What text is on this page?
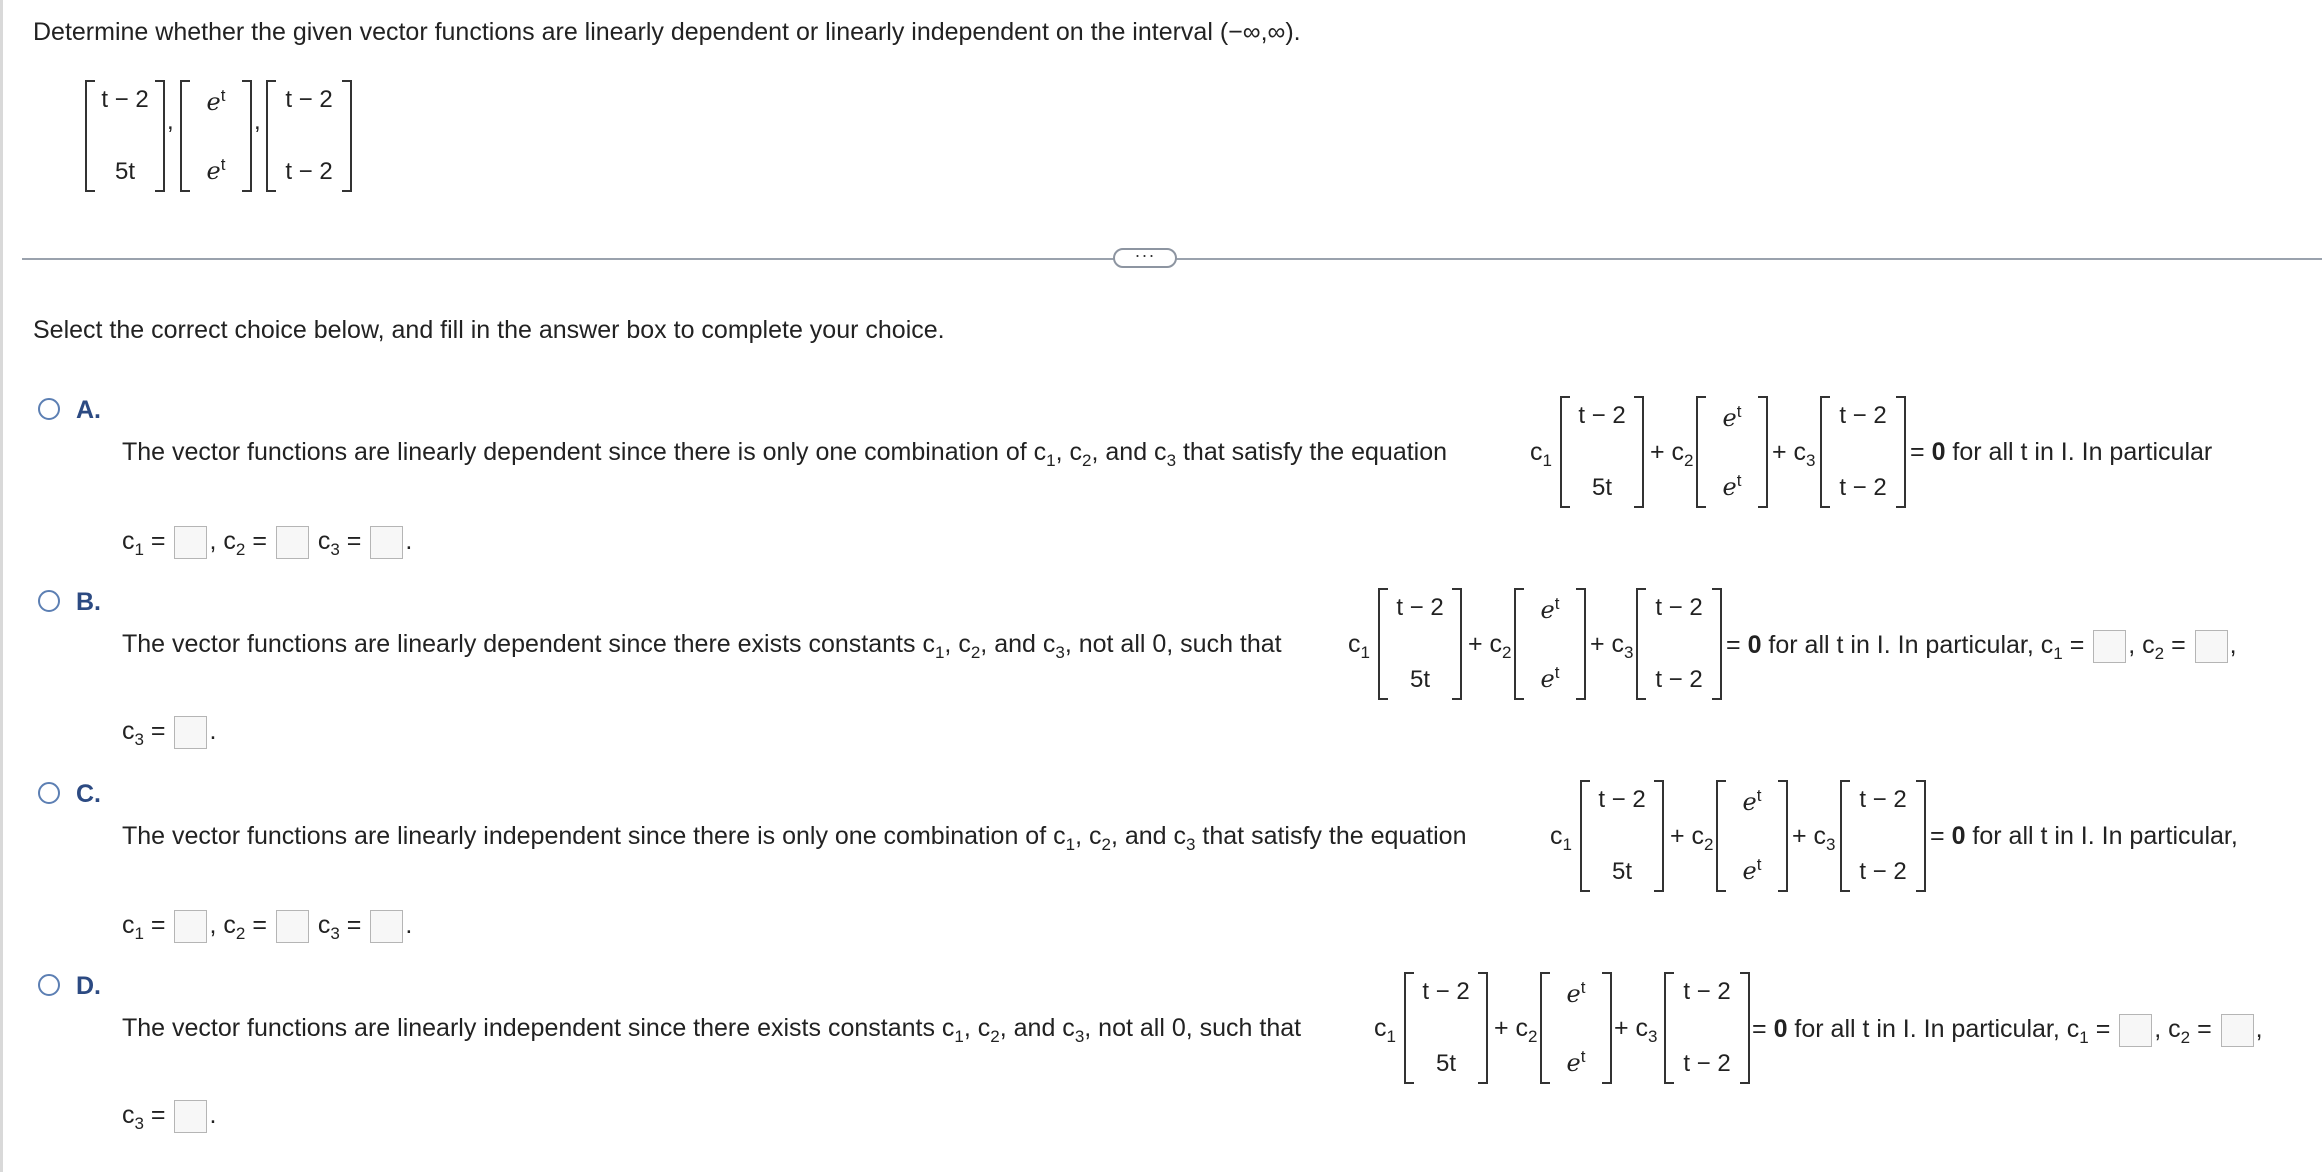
Determine whether the given vector functions are linearly dependent or linearly independent on the interval (−∞,∞).
t − 2
5t
,
$e^t$
$e^t$
,
t − 2
t − 2
···
Select the correct choice below, and fill in the answer box to complete your choice.
A.
The vector functions are linearly dependent since there is only one combination of $c_1$, $c_2$, and $c_3$ that satisfy the equation	$c_1$
t − 2
5t
+ $c_2$
$e^t$
$e^t$
+ $c_3$
t − 2
t − 2
= 0 for all t in I. In particular
$c_1$ = , $c_2 = c_3$ = .
B.
The vector functions are linearly dependent since there exists constants $c_1$, $c_2$, and $c_3$, not all 0, such that	$c_1$
t − 2
5t
+ $c_2$
$e^t$
$e^t$
+ $c_3$
t − 2
t − 2
= 0 for all t in I. In particular, $c_1$ = , $c_2$ = ,
$c_3$ = .
C.
The vector functions are linearly independent since there is only one combination of $c_1$, $c_2$, and $c_3$ that satisfy the equation	$c_1$
t − 2
5t
+ $c_2$
$e^t$
$e^t$
+ $c_3$
t − 2
t − 2
= 0 for all t in I. In particular,
$c_1$ = , $c_2 = c_3$ = .
D.
The vector functions are linearly independent since there exists constants $c_1$, $c_2$, and $c_3$, not all 0, such that	$c_1$
t − 2
5t
+ $c_2$
$e^t$
$e^t$
+ $c_3$
t − 2
t − 2
= 0 for all t in I. In particular, $c_1$ = , $c_2$ = ,
$c_3$ = .
